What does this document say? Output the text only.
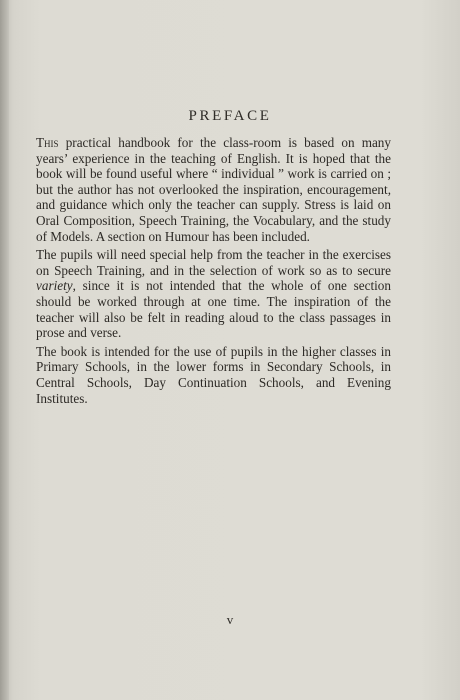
PREFACE

This practical handbook for the class-room is based on many years’ experience in the teaching of English. It is hoped that the book will be found useful where “ individual ” work is carried on ; but the author has not overlooked the inspiration, encouragement, and guidance which only the teacher can supply. Stress is laid on Oral Composition, Speech Training, the Vocabulary, and the study of Models. A section on Humour has been included.

The pupils will need special help from the teacher in the exercises on Speech Training, and in the selection of work so as to secure variety, since it is not intended that the whole of one section should be worked through at one time. The inspiration of the teacher will also be felt in reading aloud to the class passages in prose and verse.

The book is intended for the use of pupils in the higher classes in Primary Schools, in the lower forms in Secondary Schools, in Central Schools, Day Continuation Schools, and Evening Institutes.

v
